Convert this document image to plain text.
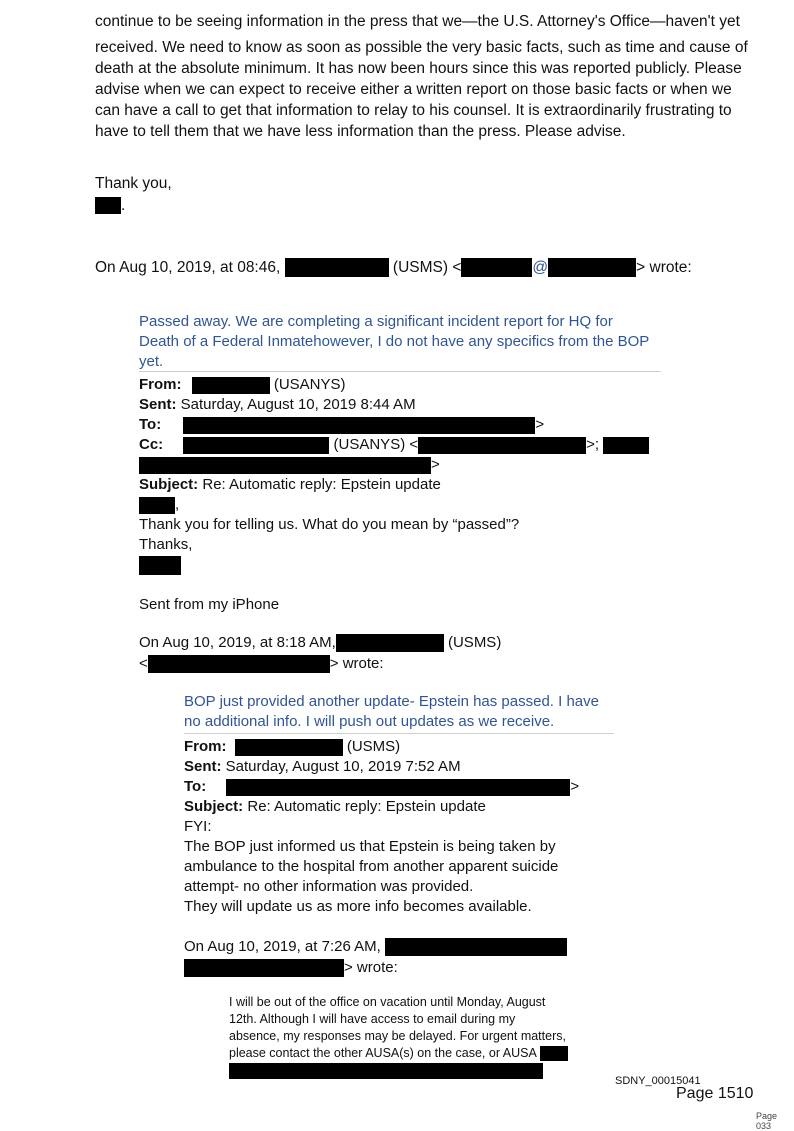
continue to be seeing information in the press that we—the U.S. Attorney's Office—haven't yet
received. We need to know as soon as possible the very basic facts, such as time and cause of
death at the absolute minimum. It has now been hours since this was reported publicly. Please
advise when we can expect to receive either a written report on those basic facts or when we
can have a call to get that information to relay to his counsel. It is extraordinarily frustrating to
have to tell them that we have less information than the press. Please advise.
Thank you,
.
On Aug 10, 2019, at 08:46,	(USMS) <	@	> wrote:
Passed away. We are completing a significant incident report for HQ for
Death of a Federal Inmatehowever, I do not have any specifics from the BOP
yet.
From:	(USANYS)
Sent: Saturday, August 10, 2019 8:44 AM
To:	>
Cc:	(USANYS) <	>;
>
Subject: Re: Automatic reply: Epstein update
,
Thank you for telling us. What do you mean by “passed”?
Thanks,
Sent from my iPhone
On Aug 10, 2019, at 8:18 AM,	(USMS)
<	> wrote:
BOP just provided another update- Epstein has passed. I have
no additional info. I will push out updates as we receive.
From:	(USMS)
Sent: Saturday, August 10, 2019 7:52 AM
To:	>
Subject: Re: Automatic reply: Epstein update
FYI:
The BOP just informed us that Epstein is being taken by
ambulance to the hospital from another apparent suicide
attempt- no other information was provided.
They will update us as more info becomes available.
On Aug 10, 2019, at 7:26 AM,
> wrote:
I will be out of the office on vacation until Monday, August
12th. Although I will have access to email during my
absence, my responses may be delayed. For urgent matters,
please contact the other AUSA(s) on the case, or AUSA
SDNY_00015041
Page 1510
Page 033
